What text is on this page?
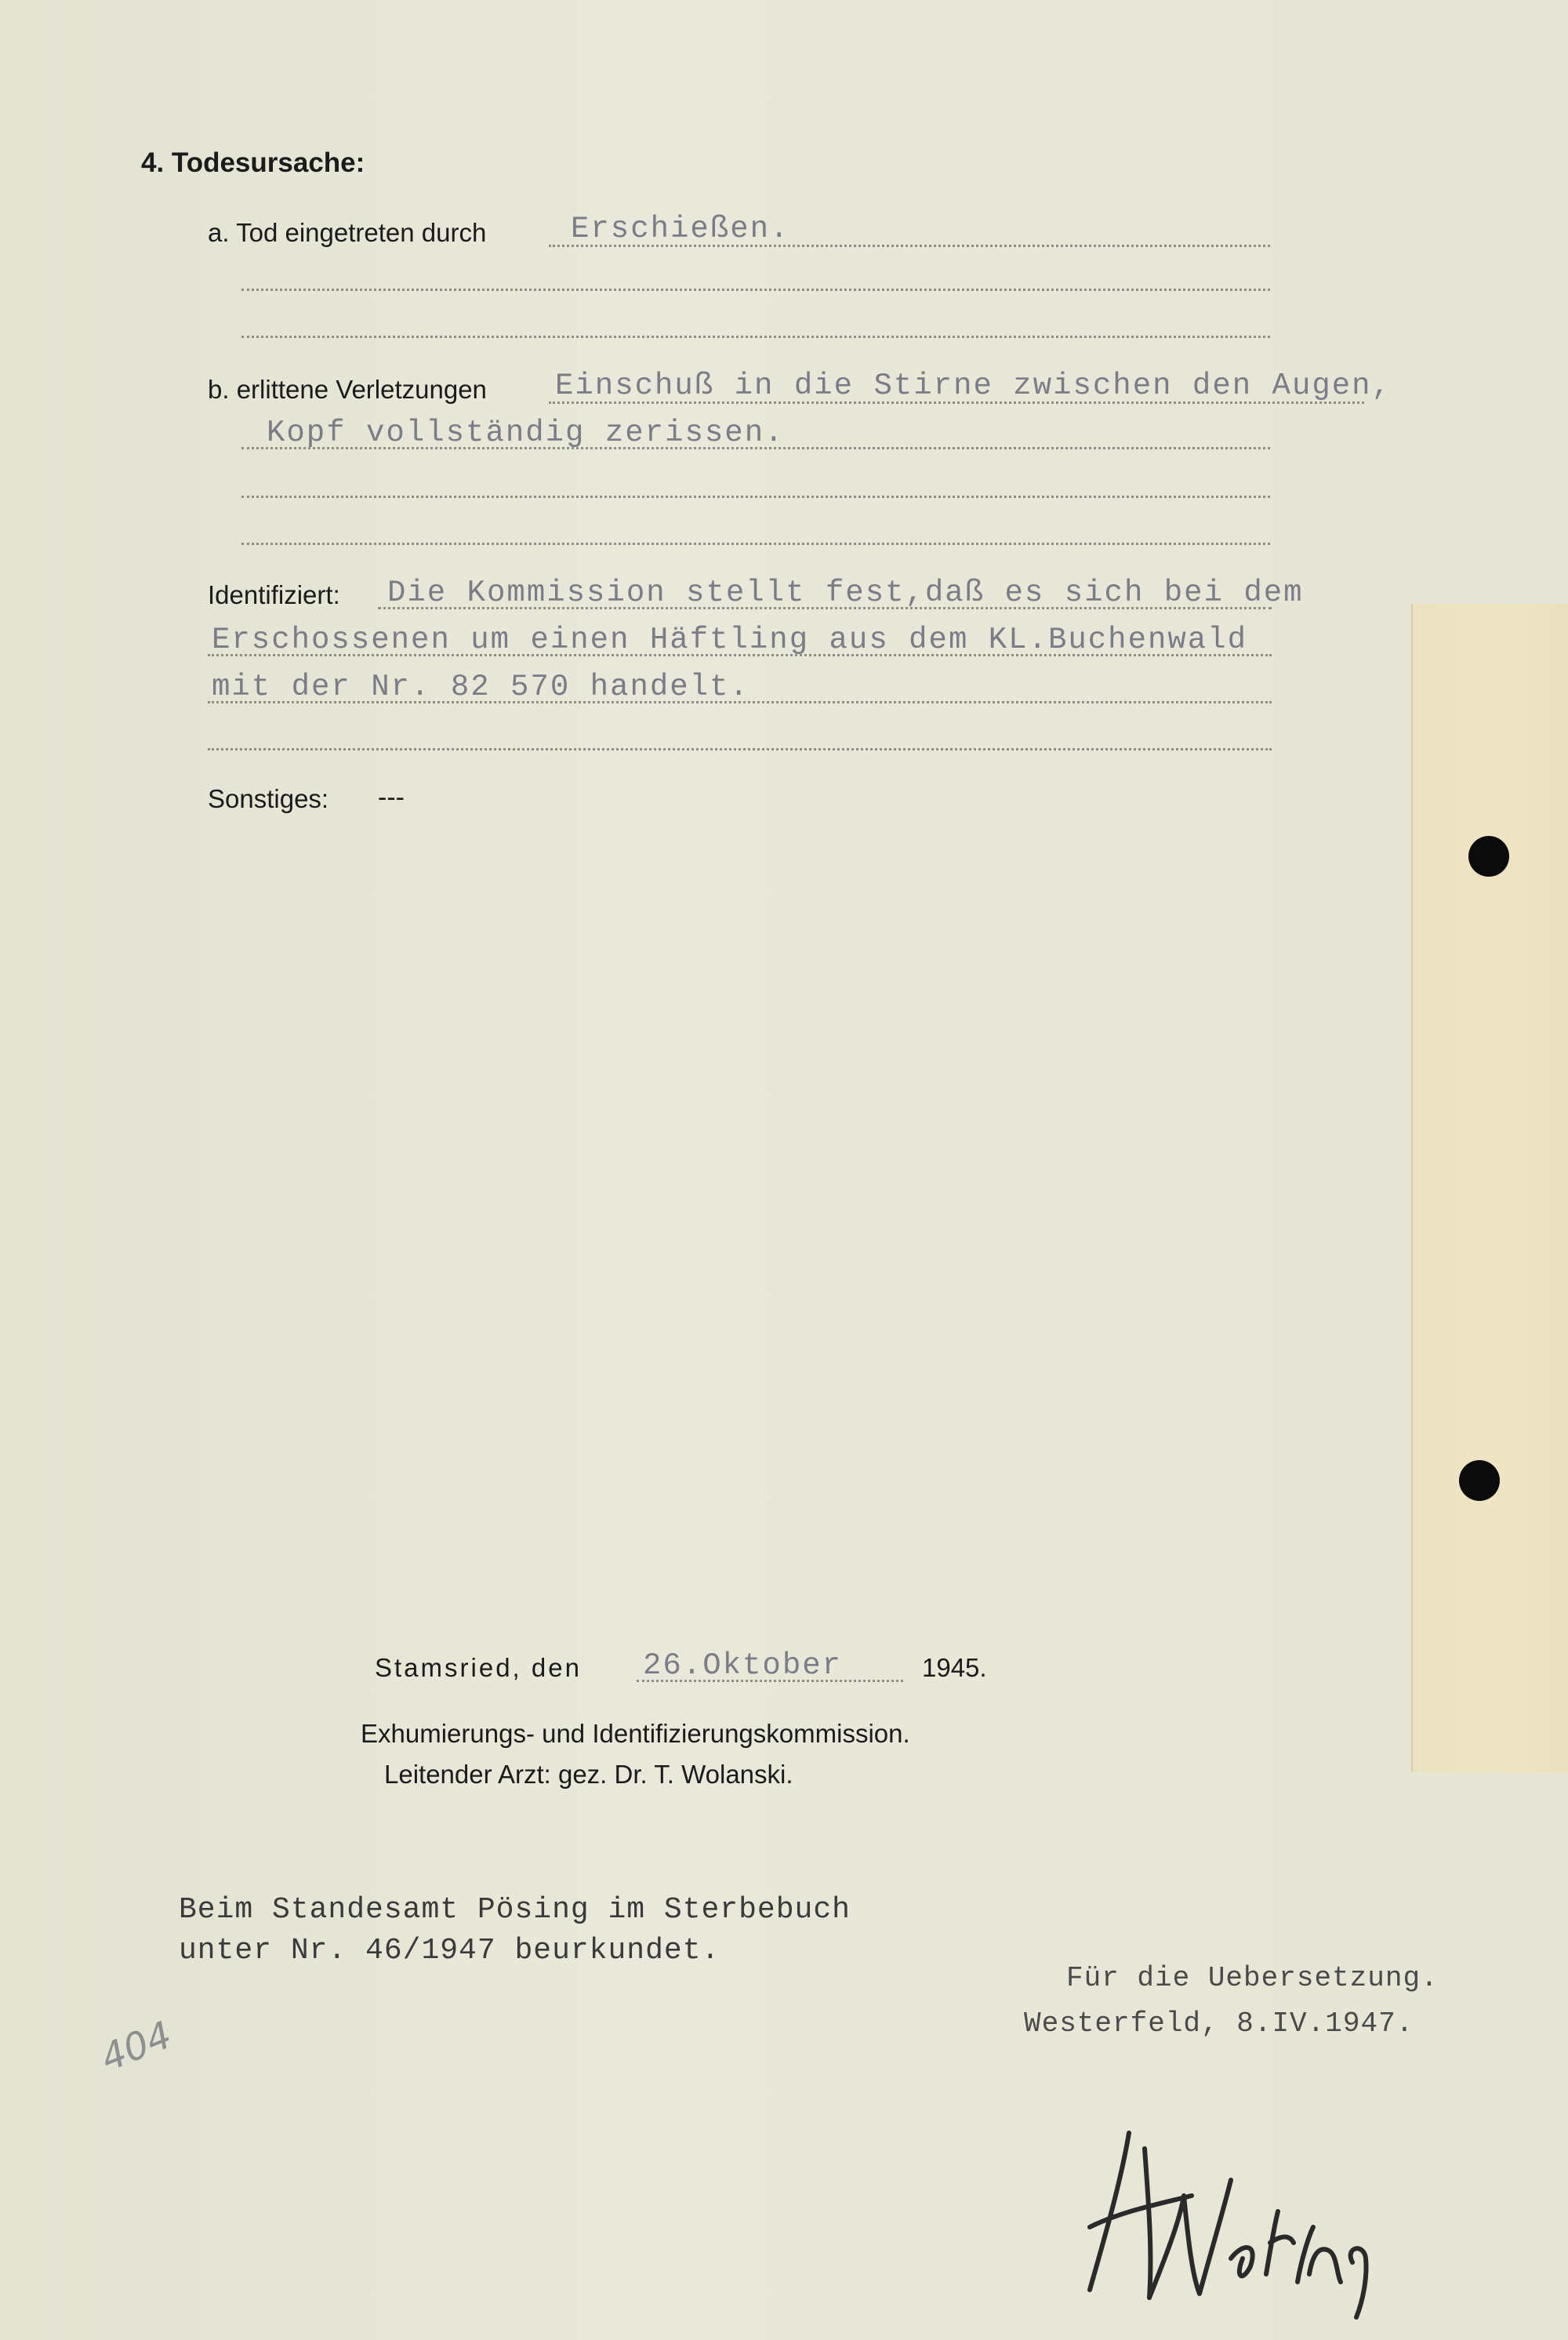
4. Todesursache:
a. Tod eingetreten durch	Erschießen.
b. erlittene Verletzungen Einschuß in die Stirne zwischen den Augen,
Kopf vollständig zerissen.
Identifiziert: Die Kommission stellt fest,daß es sich bei dem
Erschossenen um einen Häftling aus dem KL.Buchenwald
mit der Nr. 82 570 handelt.
Sonstiges: ---
Stamsried, den 26.Oktober	1945.
Exhumierungs- und Identifizierungskommission.
Leitender Arzt: gez. Dr. T. Wolanski.
Beim Standesamt Pösing im Sterbebuch
unter Nr. 46/1947 beurkundet.
Für die Uebersetzung.
Westerfeld, 8.IV.1947.
404
